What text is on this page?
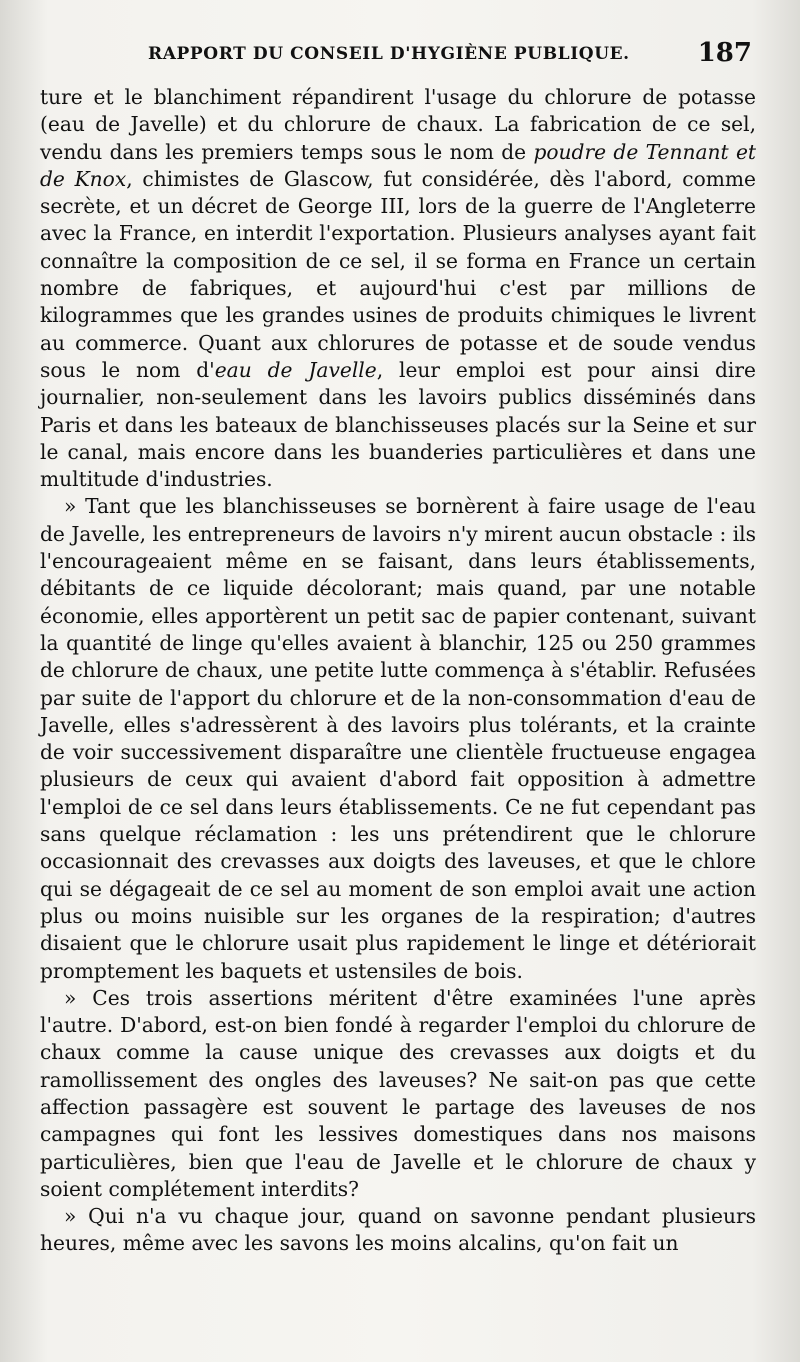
RAPPORT DU CONSEIL D'HYGIÈNE PUBLIQUE.	187

ture et le blanchiment répandirent l'usage du chlorure de potasse (eau de Javelle) et du chlorure de chaux. La fabrication de ce sel, vendu dans les premiers temps sous le nom de poudre de Tennant et de Knox, chimistes de Glascow, fut considérée, dès l'abord, comme secrète, et un décret de George III, lors de la guerre de l'Angleterre avec la France, en interdit l'exportation. Plusieurs analyses ayant fait connaître la composition de ce sel, il se forma en France un certain nombre de fabriques, et aujourd'hui c'est par millions de kilogrammes que les grandes usines de produits chimiques le livrent au commerce. Quant aux chlorures de potasse et de soude vendus sous le nom d'eau de Javelle, leur emploi est pour ainsi dire journalier, non-seulement dans les lavoirs publics disséminés dans Paris et dans les bateaux de blanchisseuses placés sur la Seine et sur le canal, mais encore dans les buanderies particulières et dans une multitude d'industries.

» Tant que les blanchisseuses se bornèrent à faire usage de l'eau de Javelle, les entrepreneurs de lavoirs n'y mirent aucun obstacle : ils l'encourageaient même en se faisant, dans leurs établissements, débitants de ce liquide décolorant; mais quand, par une notable économie, elles apportèrent un petit sac de papier contenant, suivant la quantité de linge qu'elles avaient à blanchir, 125 ou 250 grammes de chlorure de chaux, une petite lutte commença à s'établir. Refusées par suite de l'apport du chlorure et de la non-consommation d'eau de Javelle, elles s'adressèrent à des lavoirs plus tolérants, et la crainte de voir successivement disparaître une clientèle fructueuse engagea plusieurs de ceux qui avaient d'abord fait opposition à admettre l'emploi de ce sel dans leurs établissements. Ce ne fut cependant pas sans quelque réclamation : les uns prétendirent que le chlorure occasionnait des crevasses aux doigts des laveuses, et que le chlore qui se dégageait de ce sel au moment de son emploi avait une action plus ou moins nuisible sur les organes de la respiration; d'autres disaient que le chlorure usait plus rapidement le linge et détériorait promptement les baquets et ustensiles de bois.

» Ces trois assertions méritent d'être examinées l'une après l'autre. D'abord, est-on bien fondé à regarder l'emploi du chlorure de chaux comme la cause unique des crevasses aux doigts et du ramollissement des ongles des laveuses? Ne sait-on pas que cette affection passagère est souvent le partage des laveuses de nos campagnes qui font les lessives domestiques dans nos maisons particulières, bien que l'eau de Javelle et le chlorure de chaux y soient complétement interdits?

» Qui n'a vu chaque jour, quand on savonne pendant plusieurs heures, même avec les savons les moins alcalins, qu'on fait un
